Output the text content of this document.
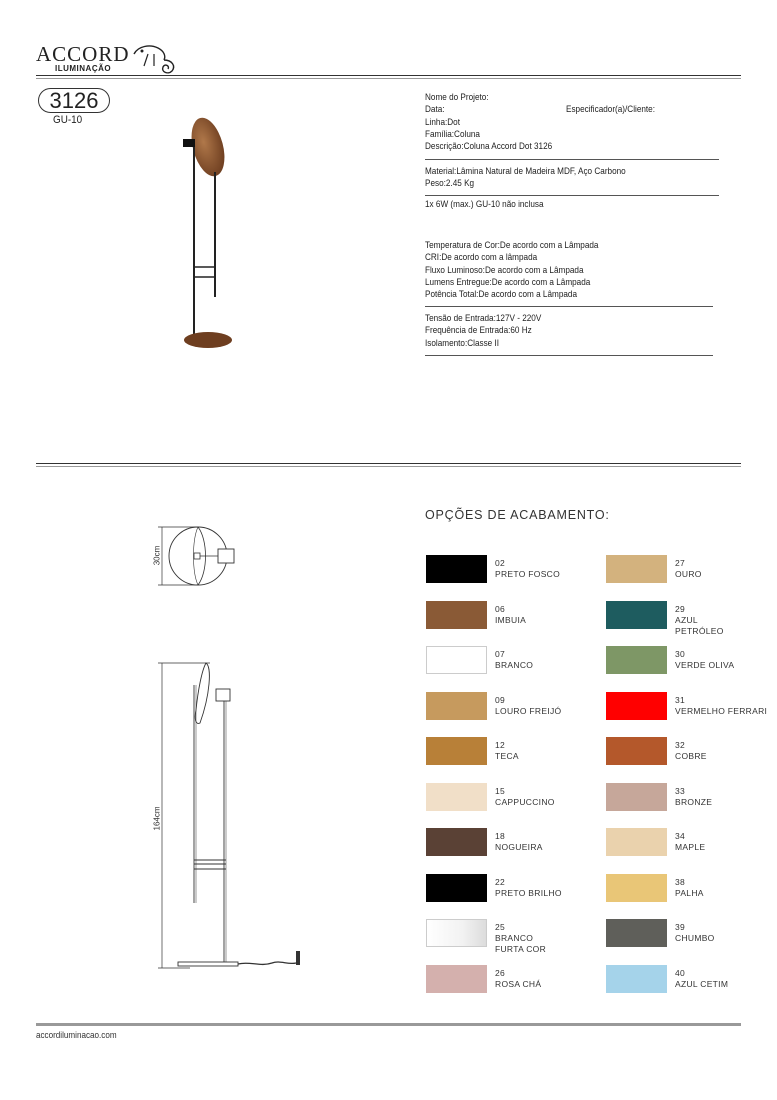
ACCORD
ILUMINAÇÃO
3126
GU-10
Nome do Projeto:
Data:
Linha:Dot
Família:Coluna
Descrição:Coluna Accord Dot 3126
Especificador(a)/Cliente:
Material:Lâmina Natural de Madeira MDF, Aço Carbono
Peso:2.45 Kg
1x 6W (max.) GU-10 não inclusa
Temperatura de Cor:De acordo com a Lâmpada
CRI:De acordo com a lâmpada
Fluxo Luminoso:De acordo com a Lâmpada
Lumens Entregue:De acordo com a Lâmpada
Potência Total:De acordo com a Lâmpada
Tensão de Entrada:127V - 220V
Frequência de Entrada:60 Hz
Isolamento:Classe II
30cm
164cm
OPÇÕES DE ACABAMENTO:
accordiluminacao.com
02
PRETO FOSCO
06
IMBUIA
07
BRANCO
09
LOURO FREIJÓ
12
TECA
15
CAPPUCCINO
18
NOGUEIRA
22
PRETO BRILHO
25
BRANCO
FURTA COR
26
ROSA CHÁ
27
OURO
29
AZUL
PETRÓLEO
30
VERDE OLIVA
31
VERMELHO FERRARI
32
COBRE
33
BRONZE
34
MAPLE
38
PALHA
39
CHUMBO
40
AZUL CETIM
